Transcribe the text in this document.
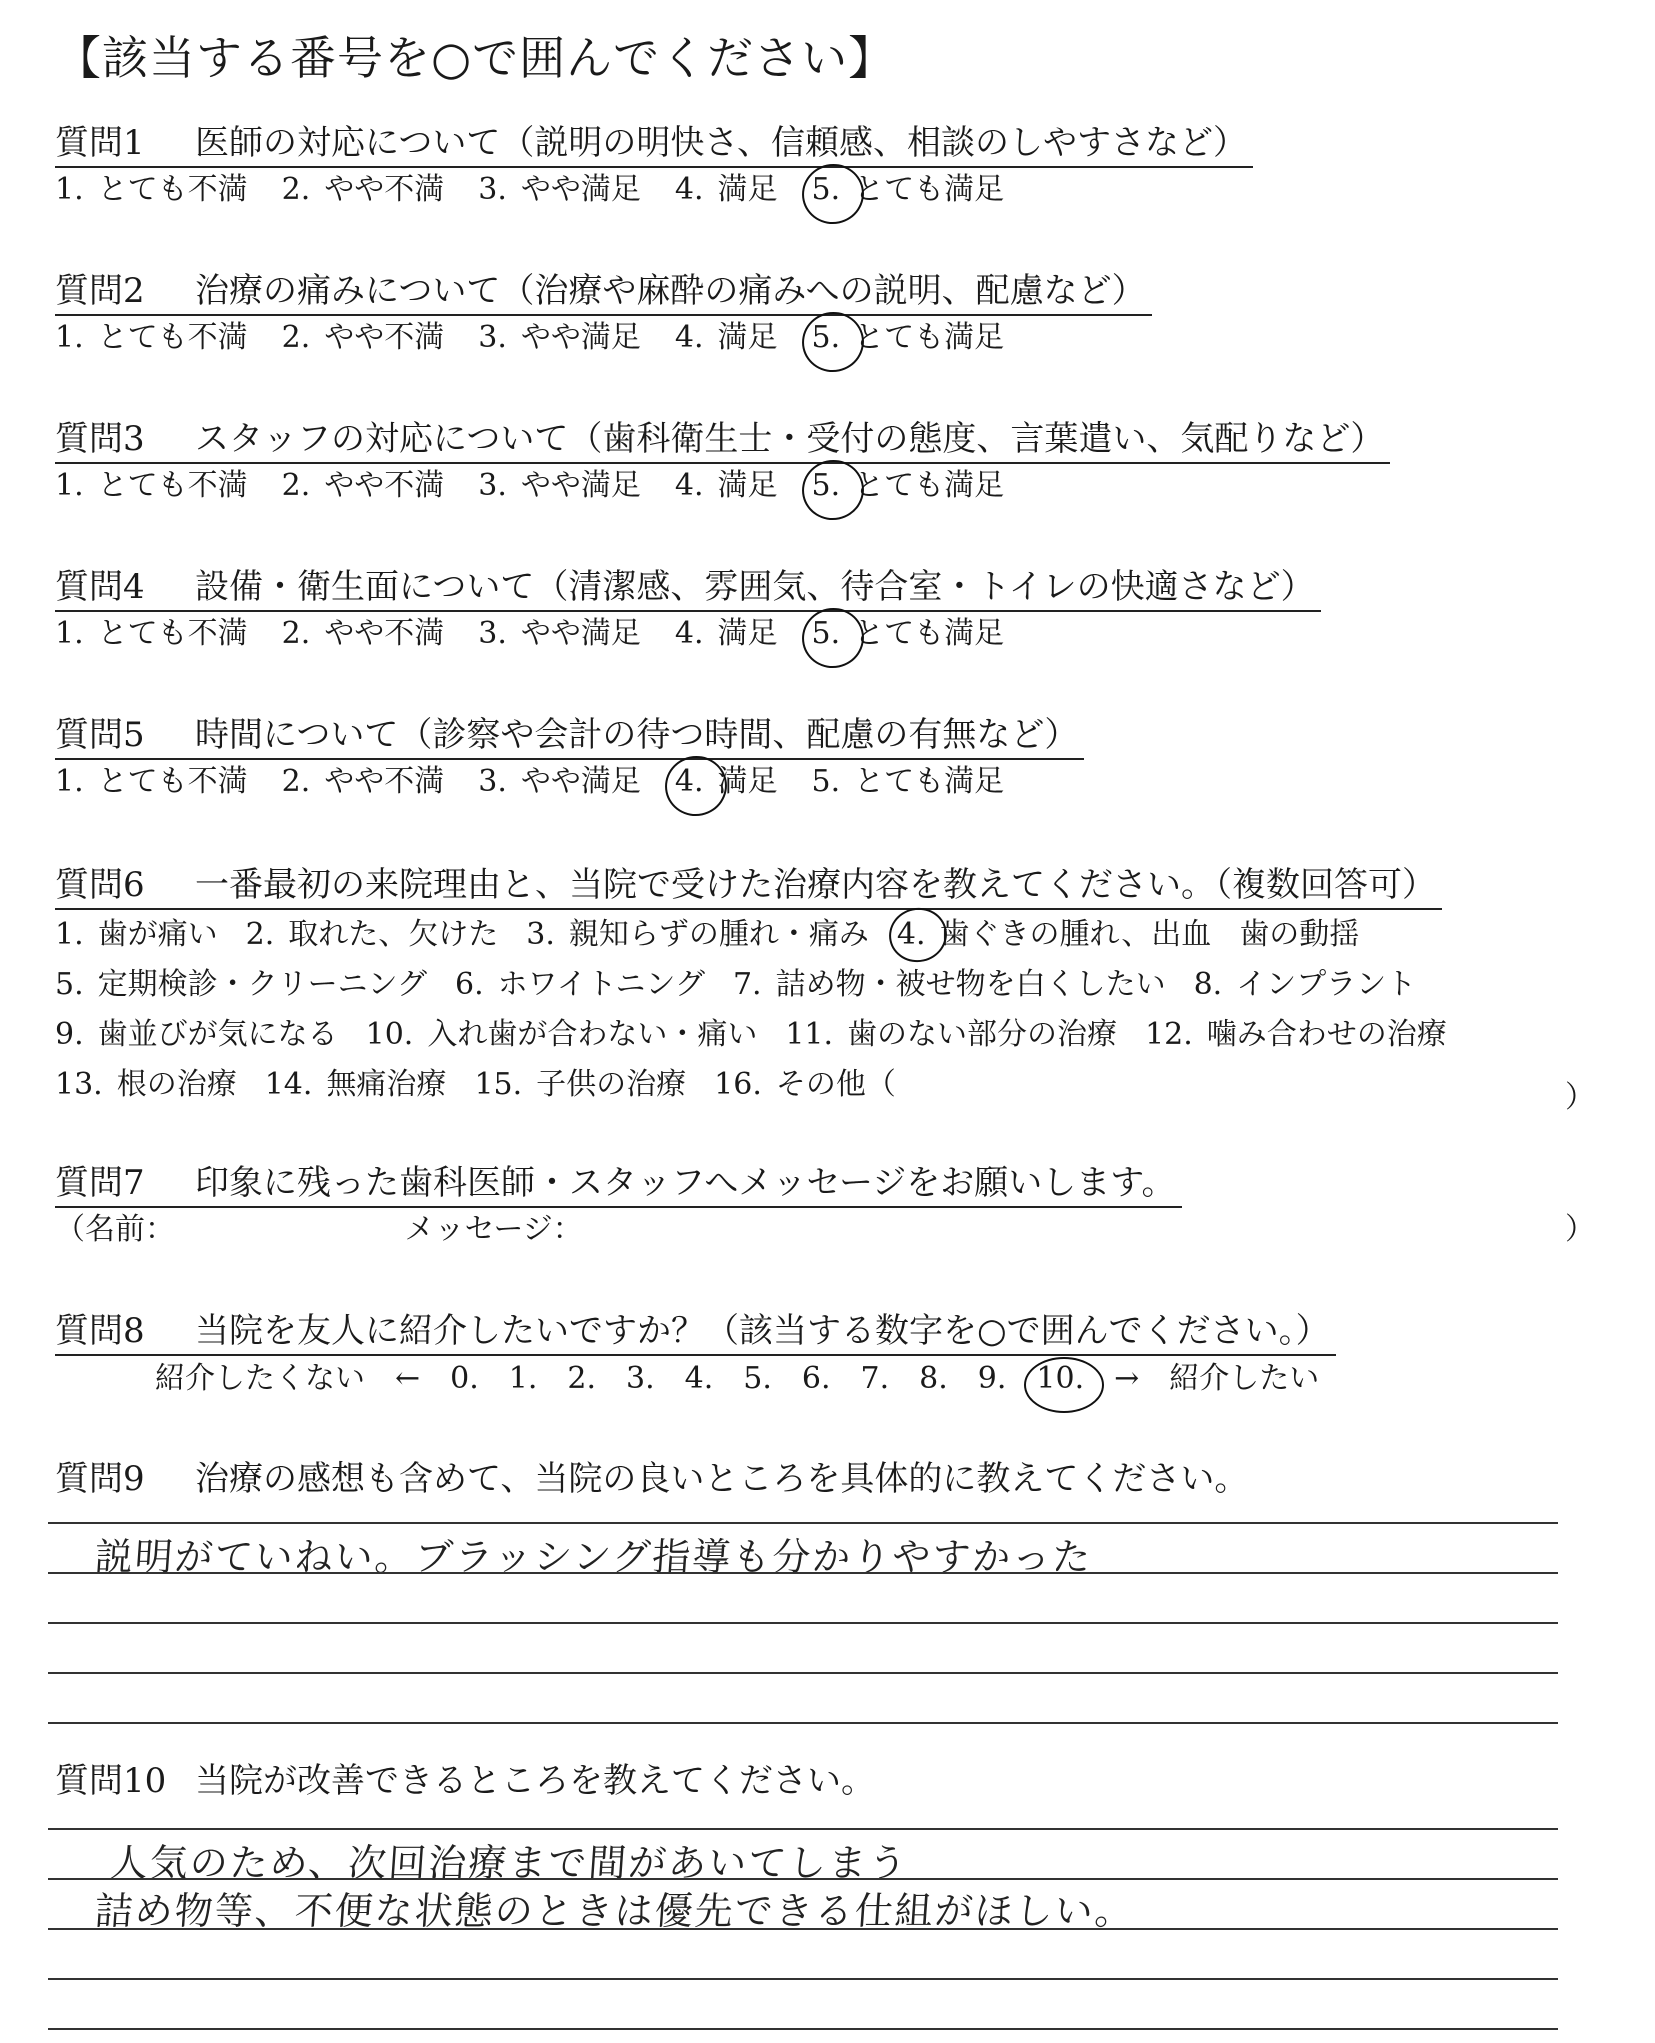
【該当する番号を○で囲んでください】
質問1 医師の対応について（説明の明快さ、信頼感、相談のしやすさなど）
1. とても不満 2. やや不満 3. やや満足 4. 満足 5. とても満足
質問2 治療の痛みについて（治療や麻酔の痛みへの説明、配慮など）
1. とても不満 2. やや不満 3. やや満足 4. 満足 5. とても満足
質問3 スタッフの対応について（歯科衛生士・受付の態度、言葉遣い、気配りなど）
1. とても不満 2. やや不満 3. やや満足 4. 満足 5. とても満足
質問4 設備・衛生面について（清潔感、雰囲気、待合室・トイレの快適さなど）
1. とても不満 2. やや不満 3. やや満足 4. 満足 5. とても満足
質問5 時間について（診察や会計の待つ時間、配慮の有無など）
1. とても不満 2. やや不満 3. やや満足 4. 満足 5. とても満足
質問6 一番最初の来院理由と、当院で受けた治療内容を教えてください。（複数回答可）
1. 歯が痛い 2. 取れた、欠けた 3. 親知らずの腫れ・痛み 4. 歯ぐきの腫れ、出血 歯の動揺
5. 定期検診・クリーニング 6. ホワイトニング 7. 詰め物・被せ物を白くしたい 8. インプラント
9. 歯並びが気になる 10. 入れ歯が合わない・痛い 11. 歯のない部分の治療 12. 噛み合わせの治療
13. 根の治療 14. 無痛治療 15. 子供の治療 16. その他（	）
質問7 印象に残った歯科医師・スタッフへメッセージをお願いします。
（名前：	メッセージ：	）
質問8 当院を友人に紹介したいですか？（該当する数字を○で囲んでください。）
紹介したくない ← 0. 1. 2. 3. 4. 5. 6. 7. 8. 9. 10. → 紹介したい
質問9 治療の感想も含めて、当院の良いところを具体的に教えてください。
説明がていねい。ブラッシング指導も分かりやすかった
質問10 当院が改善できるところを教えてください。
人気のため、次回治療まで間があいてしまう
詰め物等、不便な状態のときは優先できる仕組がほしい。
